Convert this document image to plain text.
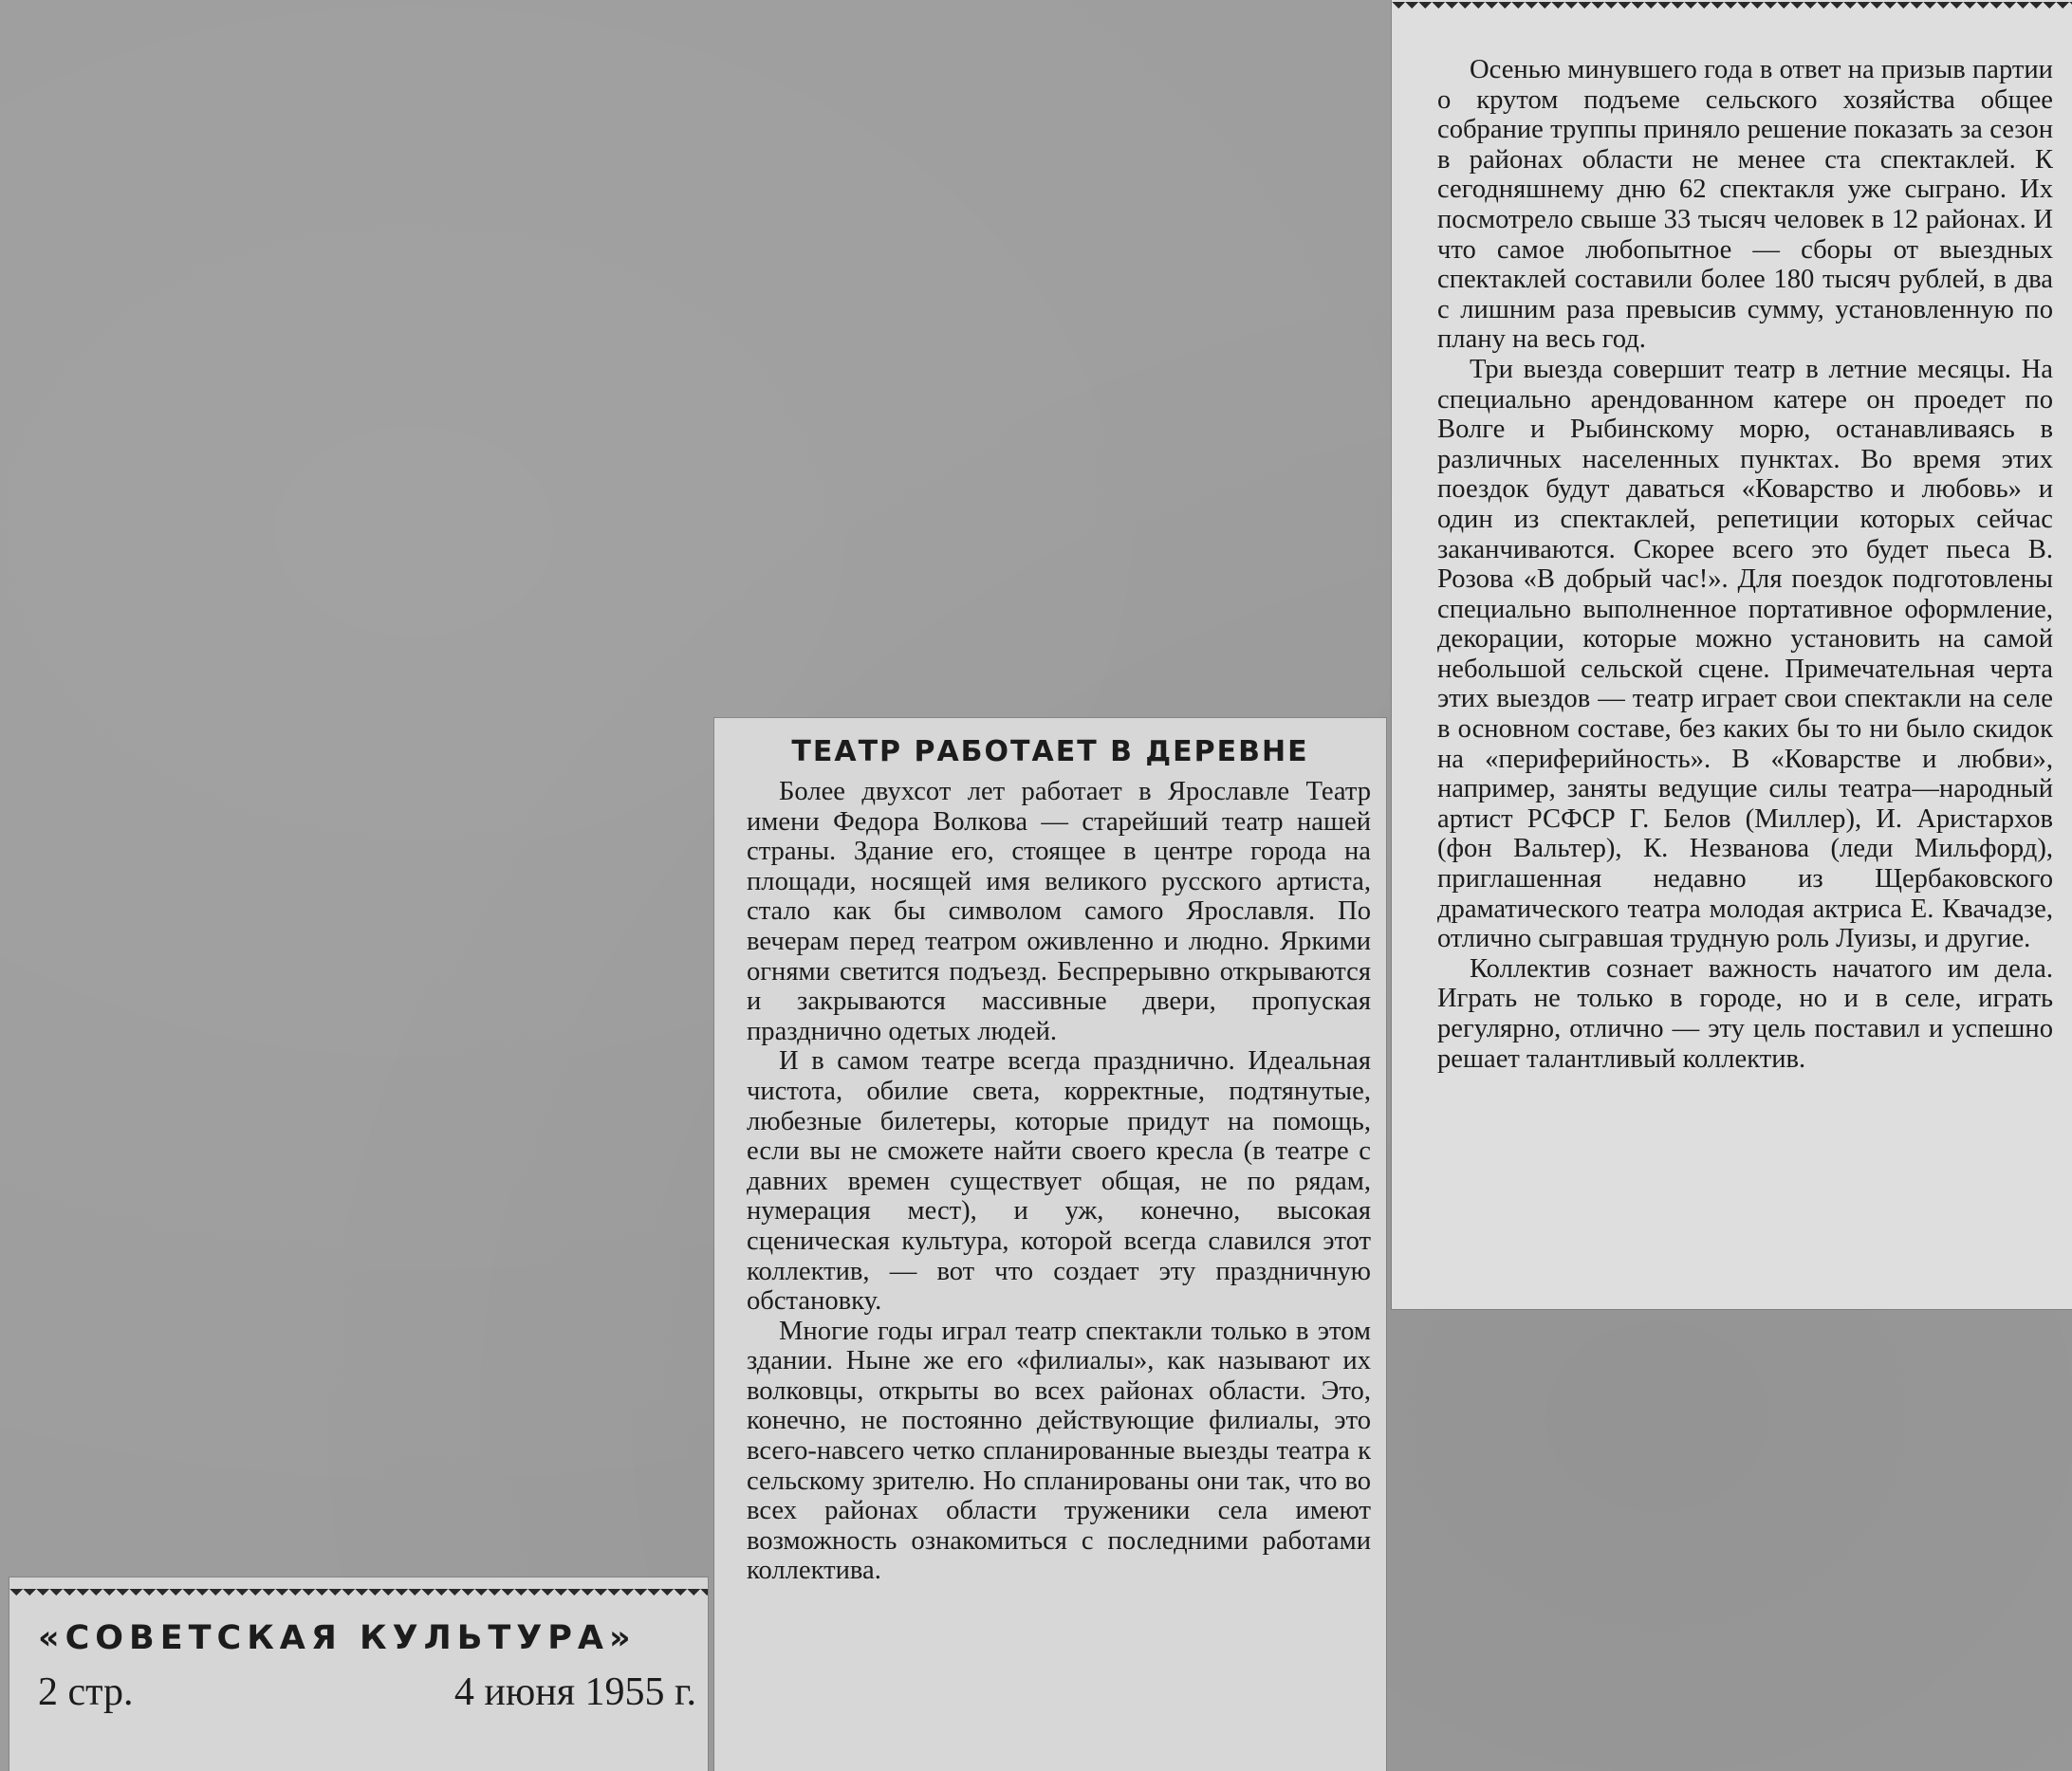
ТЕАТР РАБОТАЕТ В ДЕРЕВНЕ

Более двухсот лет работает в Ярославле Театр имени Федора Волкова — старейший театр нашей страны. Здание его, стоящее в центре города на площади, носящей имя великого русского артиста, стало как бы символом самого Ярославля. По вечерам перед театром оживленно и людно. Яркими огнями светится подъезд. Беспрерывно открываются и закрываются массивные двери, пропуская празднично одетых людей.

И в самом театре всегда празднично. Идеальная чистота, обилие света, корректные, подтянутые, любезные билетеры, которые придут на помощь, если вы не сможете найти своего кресла (в театре с давних времен существует общая, не по рядам, нумерация мест), и уж, конечно, высокая сценическая культура, которой всегда славился этот коллектив, — вот что создает эту праздничную обстановку.

Многие годы играл театр спектакли только в этом здании. Ныне же его «филиалы», как называют их волковцы, открыты во всех районах области. Это, конечно, не постоянно действующие филиалы, это всего-навсего четко спланированные выезды театра к сельскому зрителю. Но спланированы они так, что во всех районах области труженики села имеют возможность ознакомиться с последними работами коллектива.

Осенью минувшего года в ответ на призыв партии о крутом подъеме сельского хозяйства общее собрание труппы приняло решение показать за сезон в районах области не менее ста спектаклей. К сегодняшнему дню 62 спектакля уже сыграно. Их посмотрело свыше 33 тысяч человек в 12 районах. И что самое любопытное — сборы от выездных спектаклей составили более 180 тысяч рублей, в два с лишним раза превысив сумму, установленную по плану на весь год.

Три выезда совершит театр в летние месяцы. На специально арендованном катере он проедет по Волге и Рыбинскому морю, останавливаясь в различных населенных пунктах. Во время этих поездок будут даваться «Коварство и любовь» и один из спектаклей, репетиции которых сейчас заканчиваются. Скорее всего это будет пьеса В. Розова «В добрый час!». Для поездок подготовлены специально выполненное портативное оформление, декорации, которые можно установить на самой небольшой сельской сцене. Примечательная черта этих выездов — театр играет свои спектакли на селе в основном составе, без каких бы то ни было скидок на «периферийность». В «Коварстве и любви», например, заняты ведущие силы театра—народный артист РСФСР Г. Белов (Миллер), И. Аристархов (фон Вальтер), К. Незванова (леди Мильфорд), приглашенная недавно из Щербаковского драматического театра молодая актриса Е. Квачадзе, отлично сыгравшая трудную роль Луизы, и другие.

Коллектив сознает важность начатого им дела. Играть не только в городе, но и в селе, играть регулярно, отлично — эту цель поставил и успешно решает талантливый коллектив.

«СОВЕТСКАЯ КУЛЬТУРА»
2 стр.	4 июня 1955 г.
